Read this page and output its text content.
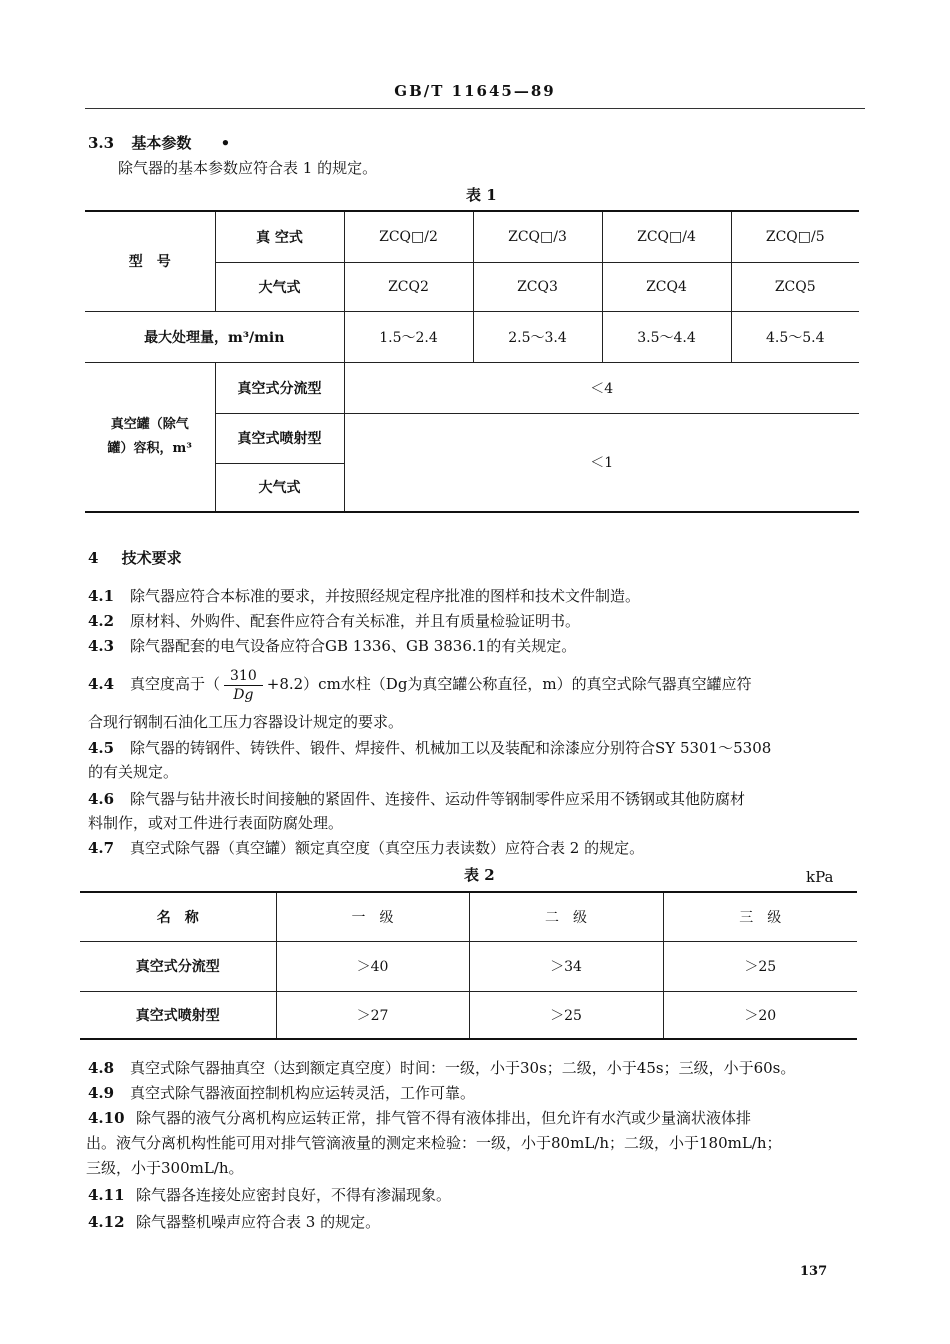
GB/T 11645—89
3.3 基本参数 •
除气器的基本参数应符合表 1 的规定。
表 1
型　号	真 空式	ZCQ□/2	ZCQ□/3	ZCQ□/4	ZCQ□/5
	大气式	ZCQ2	ZCQ3	ZCQ4	ZCQ5
最大处理量，m³/min		1.5～2.4	2.5～3.4	3.5～4.4	4.5～5.4
真空罐（除气
罐）容积，m³	真空式分流型	＜4			
	真空式喷射型	＜1			
	大气式				
4 技术要求
4.1 除气器应符合本标准的要求，并按照经规定程序批准的图样和技术文件制造。
4.2 原材料、外购件、配套件应符合有关标准，并且有质量检验证明书。
4.3 除气器配套的电气设备应符合GB 1336、GB 3836.1的有关规定。
4.4 真空度高于（ $\frac{310}{Dg} +8.2)cm$水柱（Dg为真空罐公称直径，m）的真空式除气器真空罐应符
合现行钢制石油化工压力容器设计规定的要求。
4.5 除气器的铸钢件、铸铁件、锻件、焊接件、机械加工以及装配和涂漆应分别符合SY 5301～5308
的有关规定。
4.6 除气器与钻井液长时间接触的紧固件、连接件、运动件等钢制零件应采用不锈钢或其他防腐材
料制作，或对工件进行表面防腐处理。
4.7 真空式除气器（真空罐）额定真空度（真空压力表读数）应符合表 2 的规定。
表 2	kPa
名　称	一　级	二　级	三　级
真空式分流型	＞40	＞34	＞25
真空式喷射型	＞27	＞25	＞20
4.8 真空式除气器抽真空（达到额定真空度）时间：一级，小于30s；二级，小于45s；三级，小于60s。
4.9 真空式除气器液面控制机构应运转灵活，工作可靠。
4.10 除气器的液气分离机构应运转正常，排气管不得有液体排出，但允许有水汽或少量滴状液体排
出。液气分离机构性能可用对排气管滴液量的测定来检验：一级，小于80mL/h；二级，小于180mL/h；
三级，小于300mL/h。
4.11 除气器各连接处应密封良好，不得有渗漏现象。
4.12 除气器整机噪声应符合表 3 的规定。
137
